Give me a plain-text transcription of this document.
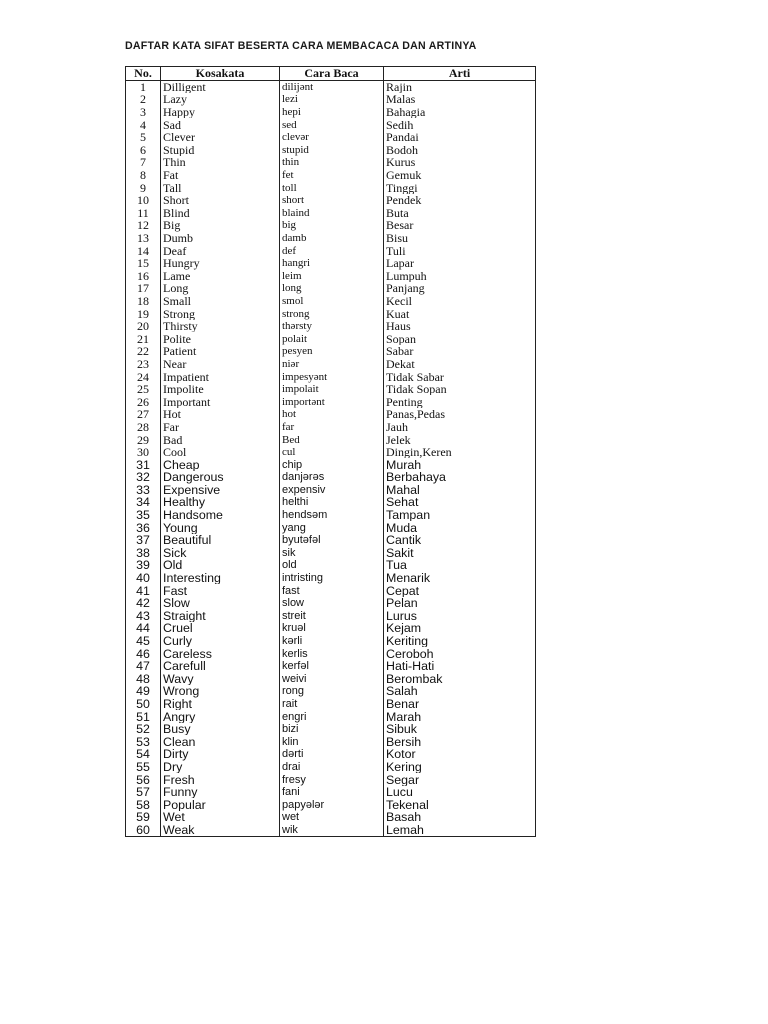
DAFTAR KATA SIFAT BESERTA CARA MEMBACACA DAN ARTINYA
No.	Kosakata	Cara Baca	Arti
1	Dilligent	dilijənt	Rajin
2	Lazy	lezi	Malas
3	Happy	hepi	Bahagia
4	Sad	sed	Sedih
5	Clever	clevər	Pandai
6	Stupid	stupid	Bodoh
7	Thin	thin	Kurus
8	Fat	fet	Gemuk
9	Tall	toll	Tinggi
10	Short	short	Pendek
11	Blind	blaind	Buta
12	Big	big	Besar
13	Dumb	damb	Bisu
14	Deaf	def	Tuli
15	Hungry	hangri	Lapar
16	Lame	leim	Lumpuh
17	Long	long	Panjang
18	Small	smol	Kecil
19	Strong	strong	Kuat
20	Thirsty	thərsty	Haus
21	Polite	polait	Sopan
22	Patient	pesyen	Sabar
23	Near	niər	Dekat
24	Impatient	impesyənt	Tidak Sabar
25	Impolite	impolait	Tidak Sopan
26	Important	importənt	Penting
27	Hot	hot	Panas,Pedas
28	Far	far	Jauh
29	Bad	Bed	Jelek
30	Cool	cul	Dingin,Keren
31	Cheap	chip	Murah
32	Dangerous	danjərəs	Berbahaya
33	Expensive	expensiv	Mahal
34	Healthy	helthi	Sehat
35	Handsome	hendsəm	Tampan
36	Young	yang	Muda
37	Beautiful	byutəfəl	Cantik
38	Sick	sik	Sakit
39	Old	old	Tua
40	Interesting	intristing	Menarik
41	Fast	fast	Cepat
42	Slow	slow	Pelan
43	Straight	streit	Lurus
44	Cruel	kruəl	Kejam
45	Curly	kərli	Keriting
46	Careless	kerlis	Ceroboh
47	Carefull	kerfəl	Hati-Hati
48	Wavy	weivi	Berombak
49	Wrong	rong	Salah
50	Right	rait	Benar
51	Angry	engri	Marah
52	Busy	bizi	Sibuk
53	Clean	klin	Bersih
54	Dirty	dərti	Kotor
55	Dry	drai	Kering
56	Fresh	fresy	Segar
57	Funny	fani	Lucu
58	Popular	papyələr	Tekenal
59	Wet	wet	Basah
60	Weak	wik	Lemah
